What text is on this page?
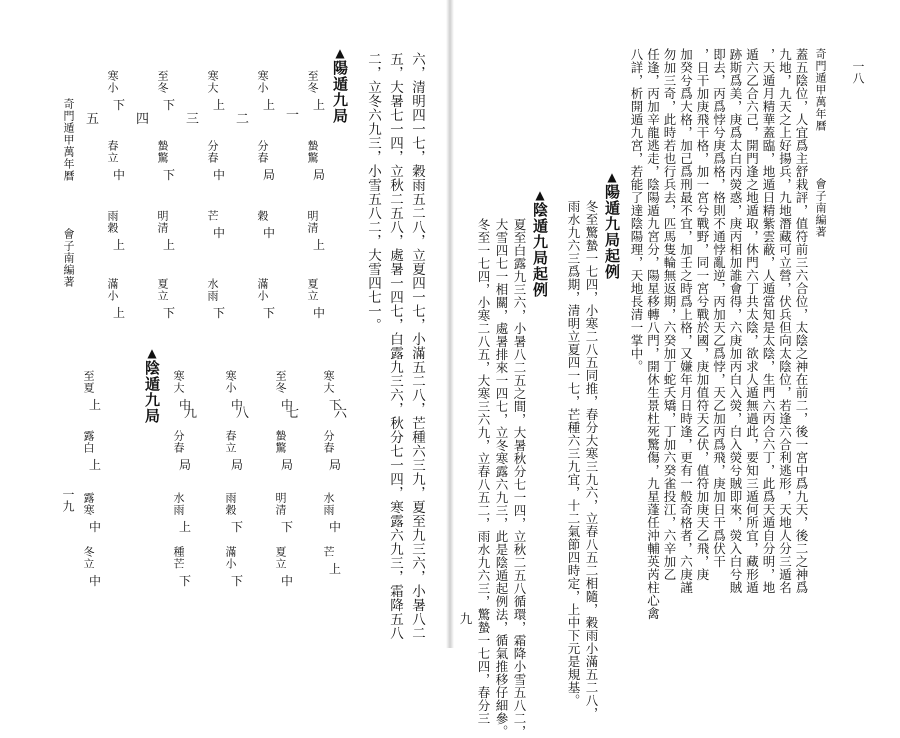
奇門遁甲萬年曆
會子南編著	六，清明四一七，穀雨五二八，立夏四一七，小滿五二八，芒種六三九，夏至九三六，小暑八二
五，大暑七一四，立秋二五八，處暑一四七，白露九三六，秋分七一四，寒露六九三，霜降五八
二，立冬六九三，小雪五八二，大雪四七一。
▲陽遁九局
一
二
三
四
五
至冬
上
蟄驚
局
明清
上
夏立
中
寒小
上
分春
局
穀
中
滿小
下
寒大
上
分春
中
芒
中
水雨
下
至冬
下
蟄驚
下
明清
上
夏立
下
寒小
下
春立
中
雨穀
上
滿小
上
▲陰遁九局	六
七
八
九
寒大
下
分春
局
水雨
中
芒
上
至冬
中
蟄驚
局
明清
下
夏立
中
寒小
中
春立
局
雨穀
下
滿小
下
寒大
中
分春
局
水雨
上
種芒
下
至夏
上
露白
上
露寒
中
冬立
中
一九
奇門遁甲萬年曆
會子南編著
一八
蓋五陰位，人宜爲主舒栽評，值符前三六合位，太陰之神在前二，後一宮中爲九天，後二之神爲
九地，九天之上好揚兵，九地潛藏可立營，伏兵但向太陰位，若逢六合利逃形，天地人分三遁名
，天遁月精華蓋臨，地遁日精紫雲蔽，人遁當知是太陰，生門六丙合六丁，此爲天遁自分明，地
遁六乙合六己，開門逢之地遁取，休門六丁共太陰，欲求人遁無過此，要知三遁何所宜，藏形遁
跡斯爲美，庚爲太白丙熒惑，庚丙相加誰會得，六庚加丙白入熒，白入熒兮賊即來，熒入白兮賊
即去，丙爲悖兮庚爲格，格則不通悖亂逆，丙加天乙爲悖，天乙加丙爲飛，庚加日干爲伏干
，日干加庚飛干格，加一宮兮戰野，同一宮兮戰於國，庚加值符天乙伏，值符加庚天乙飛，庚
加癸兮爲大格，加己爲刑最不宜，加壬之時爲上格，又嫌年月日時逢，更有一般奇格者，六庚謹
勿加三奇，此時若也行兵去，匹馬隻輪無返期，六癸加丁蛇夭矯，丁加六癸雀投江，六辛加乙
任逢，丙加辛龍逃走，陰陽遁九宮分，陽星移轉八門，開休生景杜死驚傷，九星蓬任沖輔英芮柱心禽
八詳，析開遁九宮，若能了達陰陽理，天地長清一掌中。
▲陽遁九局起例
冬至驚蟄一七四，小寒二八五同推，春分大寒三九六，立春八五二相隨，穀雨小滿五二八，
雨水九六三爲期，清明立夏四一七，芒種六三九宜，十二氣節四時定，上中下元是規基。
▲陰遁九局起例
夏至白露九三六，小暑八二五之間，大暑秋分七一四，立秋二五八循環，霜降小雪五八二，
大雪四七一相關，處暑排來一四七，立冬寒露六九三，此是陰遁起例法，循氣推移仔細參。
冬至一七四，小寒二八五，大寒三六九，立春八五二，雨水九六三，驚蟄一七四，春分三
九
